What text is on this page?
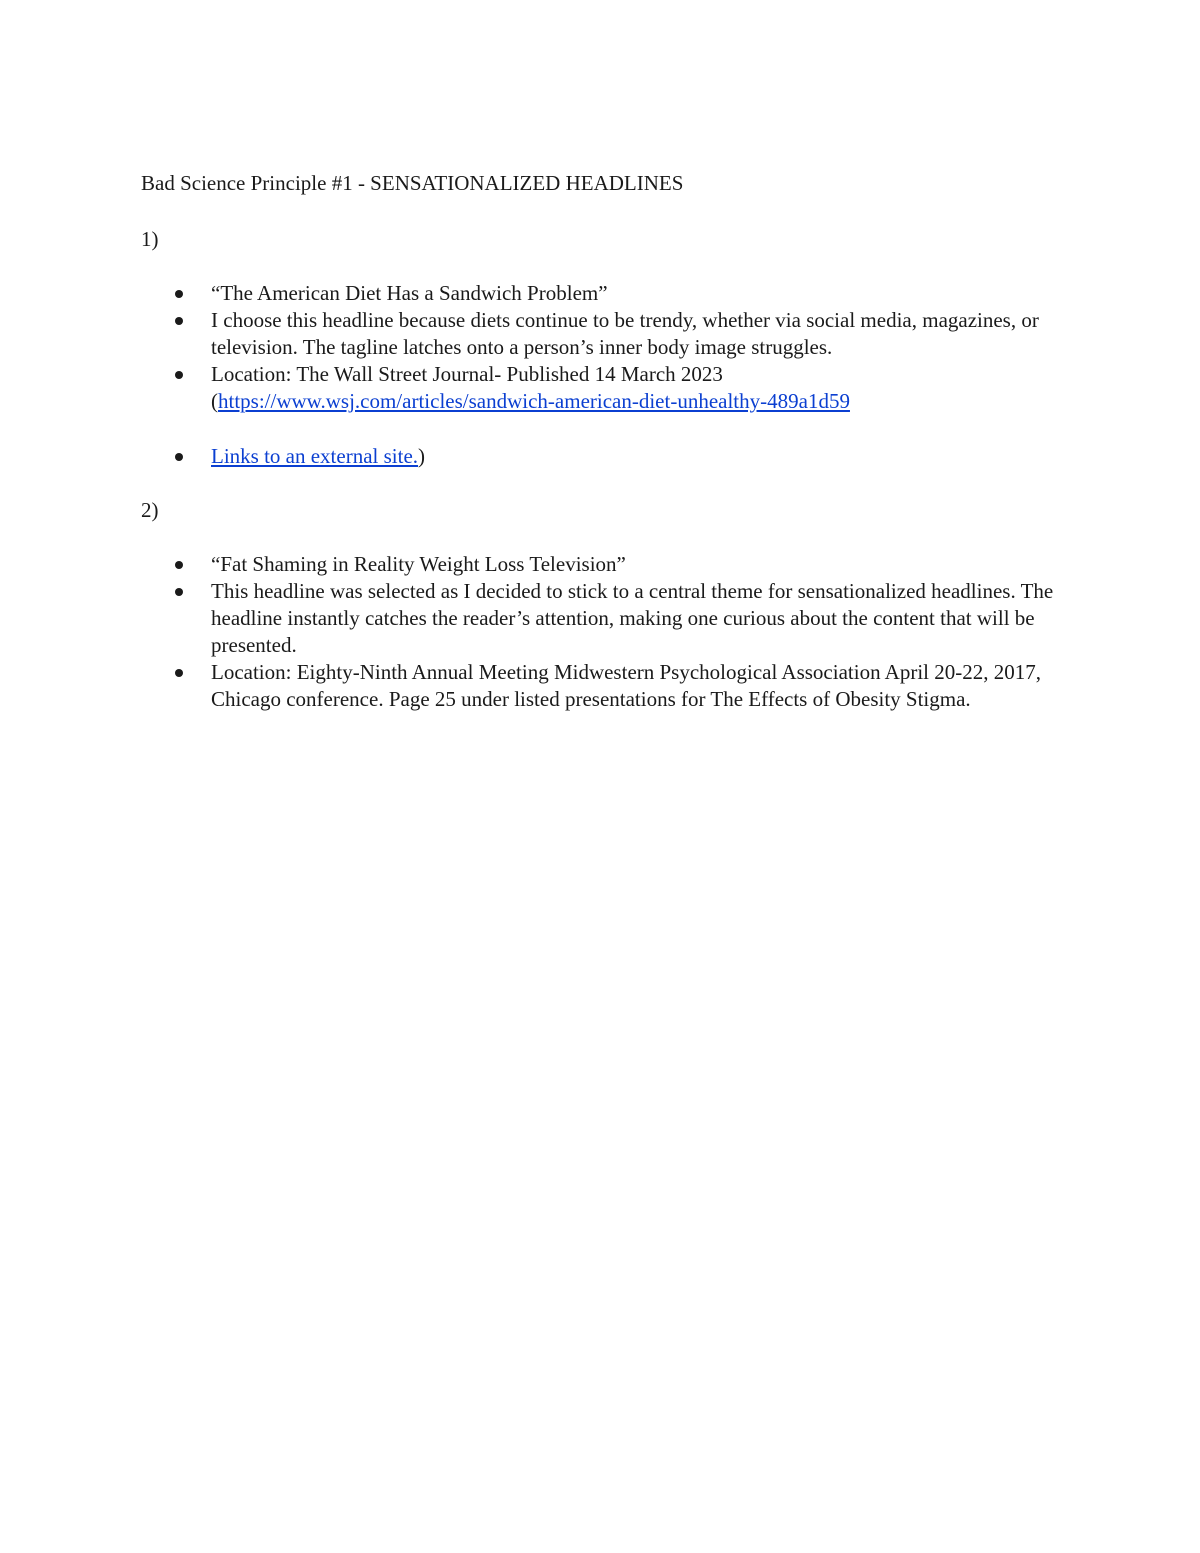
Bad Science Principle #1 - SENSATIONALIZED HEADLINES
1)
“The American Diet Has a Sandwich Problem”
I choose this headline because diets continue to be trendy, whether via social media, magazines, or television. The tagline latches onto a person’s inner body image struggles.
Location: The Wall Street Journal- Published 14 March 2023
(https://www.wsj.com/articles/sandwich-american-diet-unhealthy-489a1d59
Links to an external site.)
2)
“Fat Shaming in Reality Weight Loss Television”
This headline was selected as I decided to stick to a central theme for sensationalized headlines. The headline instantly catches the reader’s attention, making one curious about the content that will be presented.
Location: Eighty-Ninth Annual Meeting Midwestern Psychological Association April 20-22, 2017, Chicago conference. Page 25 under listed presentations for The Effects of Obesity Stigma.
